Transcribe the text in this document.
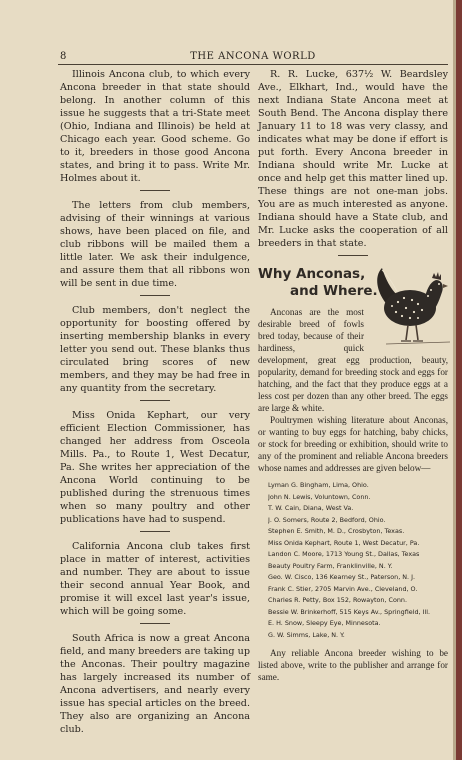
8	THE ANCONA WORLD

Illinois Ancona club, to which every Ancona breeder in that state should belong. In another column of this issue he suggests that a tri-State meet (Ohio, Indiana and Illinois) be held at Chicago each year. Good scheme. Go to it, breeders in those good Ancona states, and bring it to pass. Write Mr. Holmes about it.

The letters from club members, advising of their winnings at various shows, have been placed on file, and club ribbons will be mailed them a little later. We ask their indulgence, and assure them that all ribbons won will be sent in due time.

Club members, don't neglect the opportunity for boosting offered by inserting membership blanks in every letter you send out. These blanks thus circulated bring scores of new members, and they may be had free in any quantity from the secretary.

Miss Onida Kephart, our very efficient Election Commissioner, has changed her address from Osceola Mills. Pa., to Route 1, West Decatur, Pa. She writes her appreciation of the Ancona World continuing to be published during the strenuous times when so many poultry and other publications have had to suspend.

California Ancona club takes first place in matter of interest, activities and number. They are about to issue their second annual Year Book, and promise it will excel last year's issue, which will be going some.

South Africa is now a great Ancona field, and many breeders are taking up the Anconas. Their poultry magazine has largely increased its number of Ancona advertisers, and nearly every issue has special articles on the breed. They also are organizing an Ancona club.

R. R. Lucke, 637½ W. Beardsley Ave., Elkhart, Ind., would have the next Indiana State Ancona meet at South Bend. The Ancona display there January 11 to 18 was very classy, and indicates what may be done if effort is put forth. Every Ancona breeder in Indiana should write Mr. Lucke at once and help get this matter lined up. These things are not one-man jobs. You are as much interested as anyone. Indiana should have a State club, and Mr. Lucke asks the cooperation of all breeders in that state.

Why Anconas,
and Where.

Anconas are the most desirable breed of fowls bred today, because of their hardiness, quick development, great egg production, beauty, popularity, demand for breeding stock and eggs for hatching, and the fact that they produce eggs at a less cost per dozen than any other breed. The eggs are large & white.

Poultrymen wishing literature about Anconas, or wanting to buy eggs for hatching, baby chicks, or stock for breeding or exhibition, should write to any of the prominent and reliable Ancona breeders whose names and addresses are given below—

Lyman G. Bingham, Lima, Ohio.
John N. Lewis, Voluntown, Conn.
T. W. Cain, Diana, West Va.
J. O. Somers, Route 2, Bedford, Ohio.
Stephen E. Smith, M. D., Crosbyton, Texas.
Miss Onida Kephart, Route 1, West Decatur, Pa.
Landon C. Moore, 1713 Young St., Dallas, Texas
Beauty Poultry Farm, Franklinville, N. Y.
Geo. W. Cisco, 136 Kearney St., Paterson, N. J.
Frank C. Stier, 2705 Marvin Ave., Cleveland, O.
Charles R. Petty, Box 152, Rowayton, Conn.
Bessie W. Brinkerhoff, 515 Keys Av., Springfield, Ill.
E. H. Snow, Sleepy Eye, Minnesota.
G. W. Simms, Lake, N. Y.

Any reliable Ancona breeder wishing to be listed above, write to the publisher and arrange for same.
